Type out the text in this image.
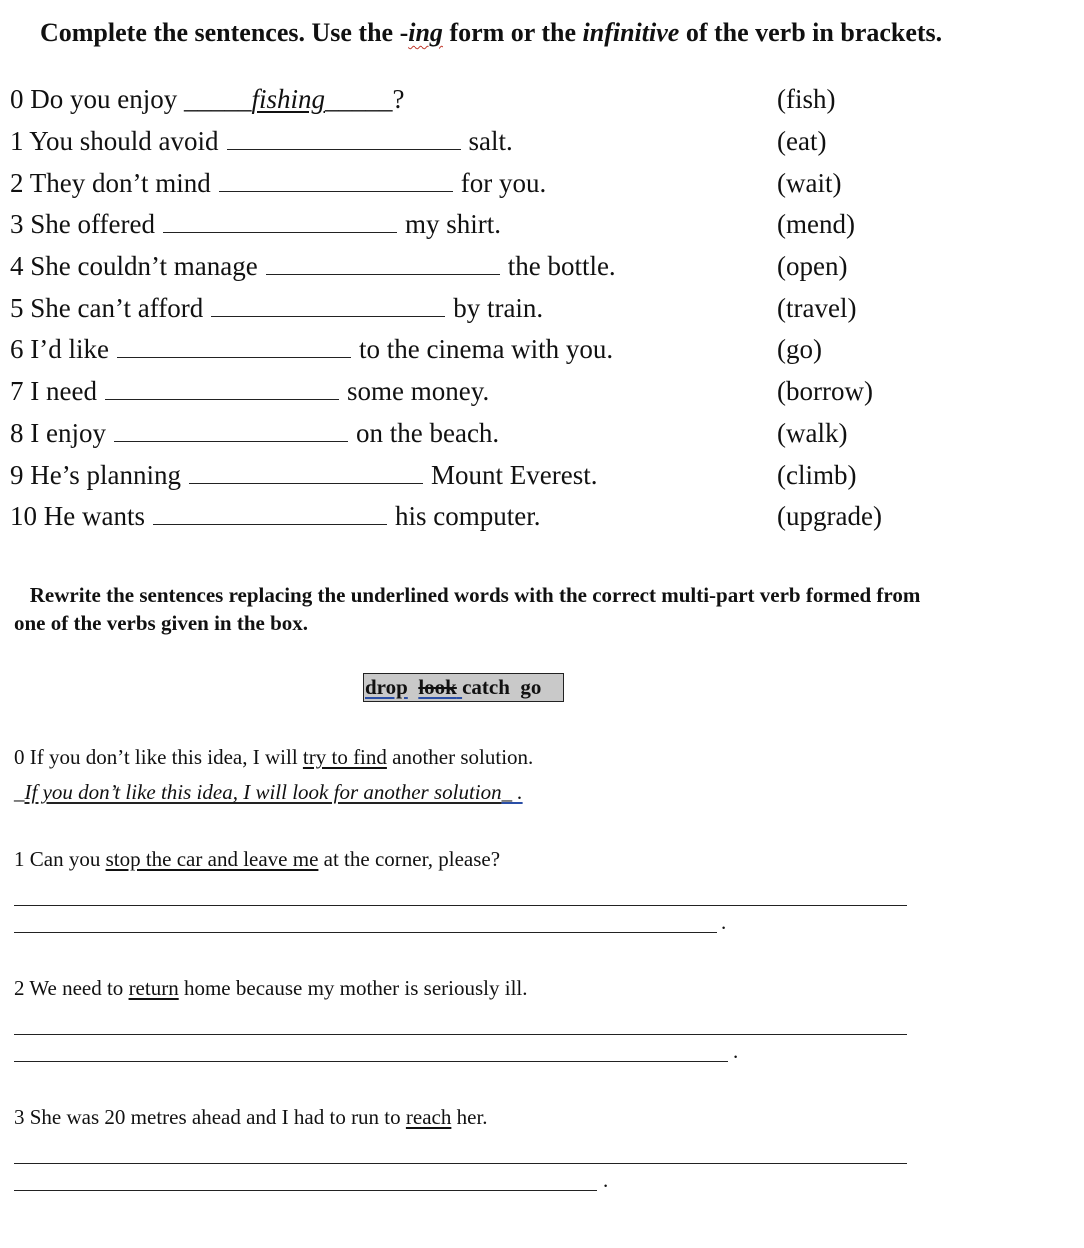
Complete the sentences. Use the -ing form or the infinitive of the verb in brackets.
0 Do you enjoy _____fishing_____?	(fish)
1 You should avoid	salt.	(eat)
2 They don’t mind	for you.	(wait)
3 She offered	my shirt.	(mend)
4 She couldn’t manage	the bottle.	(open)
5 She can’t afford	by train.	(travel)
6 I’d like	to the cinema with you.	(go)
7 I need	some money.	(borrow)
8 I enjoy	on the beach.	(walk)
9 He’s planning	Mount Everest.	(climb)
10 He wants	his computer.	(upgrade)
Rewrite the sentences replacing the underlined words with the correct multi-part verb formed from one of the verbs given in the box.
drop look catch go
0 If you don’t like this idea, I will try to find another solution.
_If you don’t like this idea, I will look for another solution_ .
1 Can you stop the car and leave me at the corner, please?
.
2 We need to return home because my mother is seriously ill.
.
3 She was 20 metres ahead and I had to run to reach her.
.
